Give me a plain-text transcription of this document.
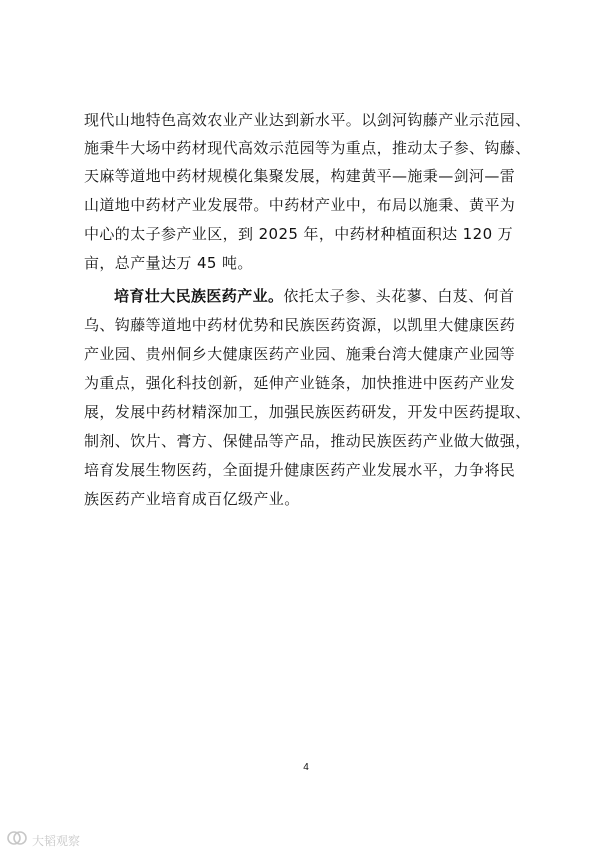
现代山地特色高效农业产业达到新水平。以剑河钩藤产业示范园、
施秉牛大场中药材现代高效示范园等为重点，推动太子参、钩藤、
天麻等道地中药材规模化集聚发展，构建黄平—施秉—剑河—雷
山道地中药材产业发展带。中药材产业中，布局以施秉、黄平为
中心的太子参产业区，到 2025 年，中药材种植面积达 120 万
亩，总产量达万 45 吨。
培育壮大民族医药产业。依托太子参、头花蓼、白芨、何首
乌、钩藤等道地中药材优势和民族医药资源，以凯里大健康医药
产业园、贵州侗乡大健康医药产业园、施秉台湾大健康产业园等
为重点，强化科技创新，延伸产业链条，加快推进中医药产业发
展，发展中药材精深加工，加强民族医药研发，开发中医药提取、
制剂、饮片、膏方、保健品等产品，推动民族医药产业做大做强，
培育发展生物医药，全面提升健康医药产业发展水平，力争将民
族医药产业培育成百亿级产业。
4
大韬观察
